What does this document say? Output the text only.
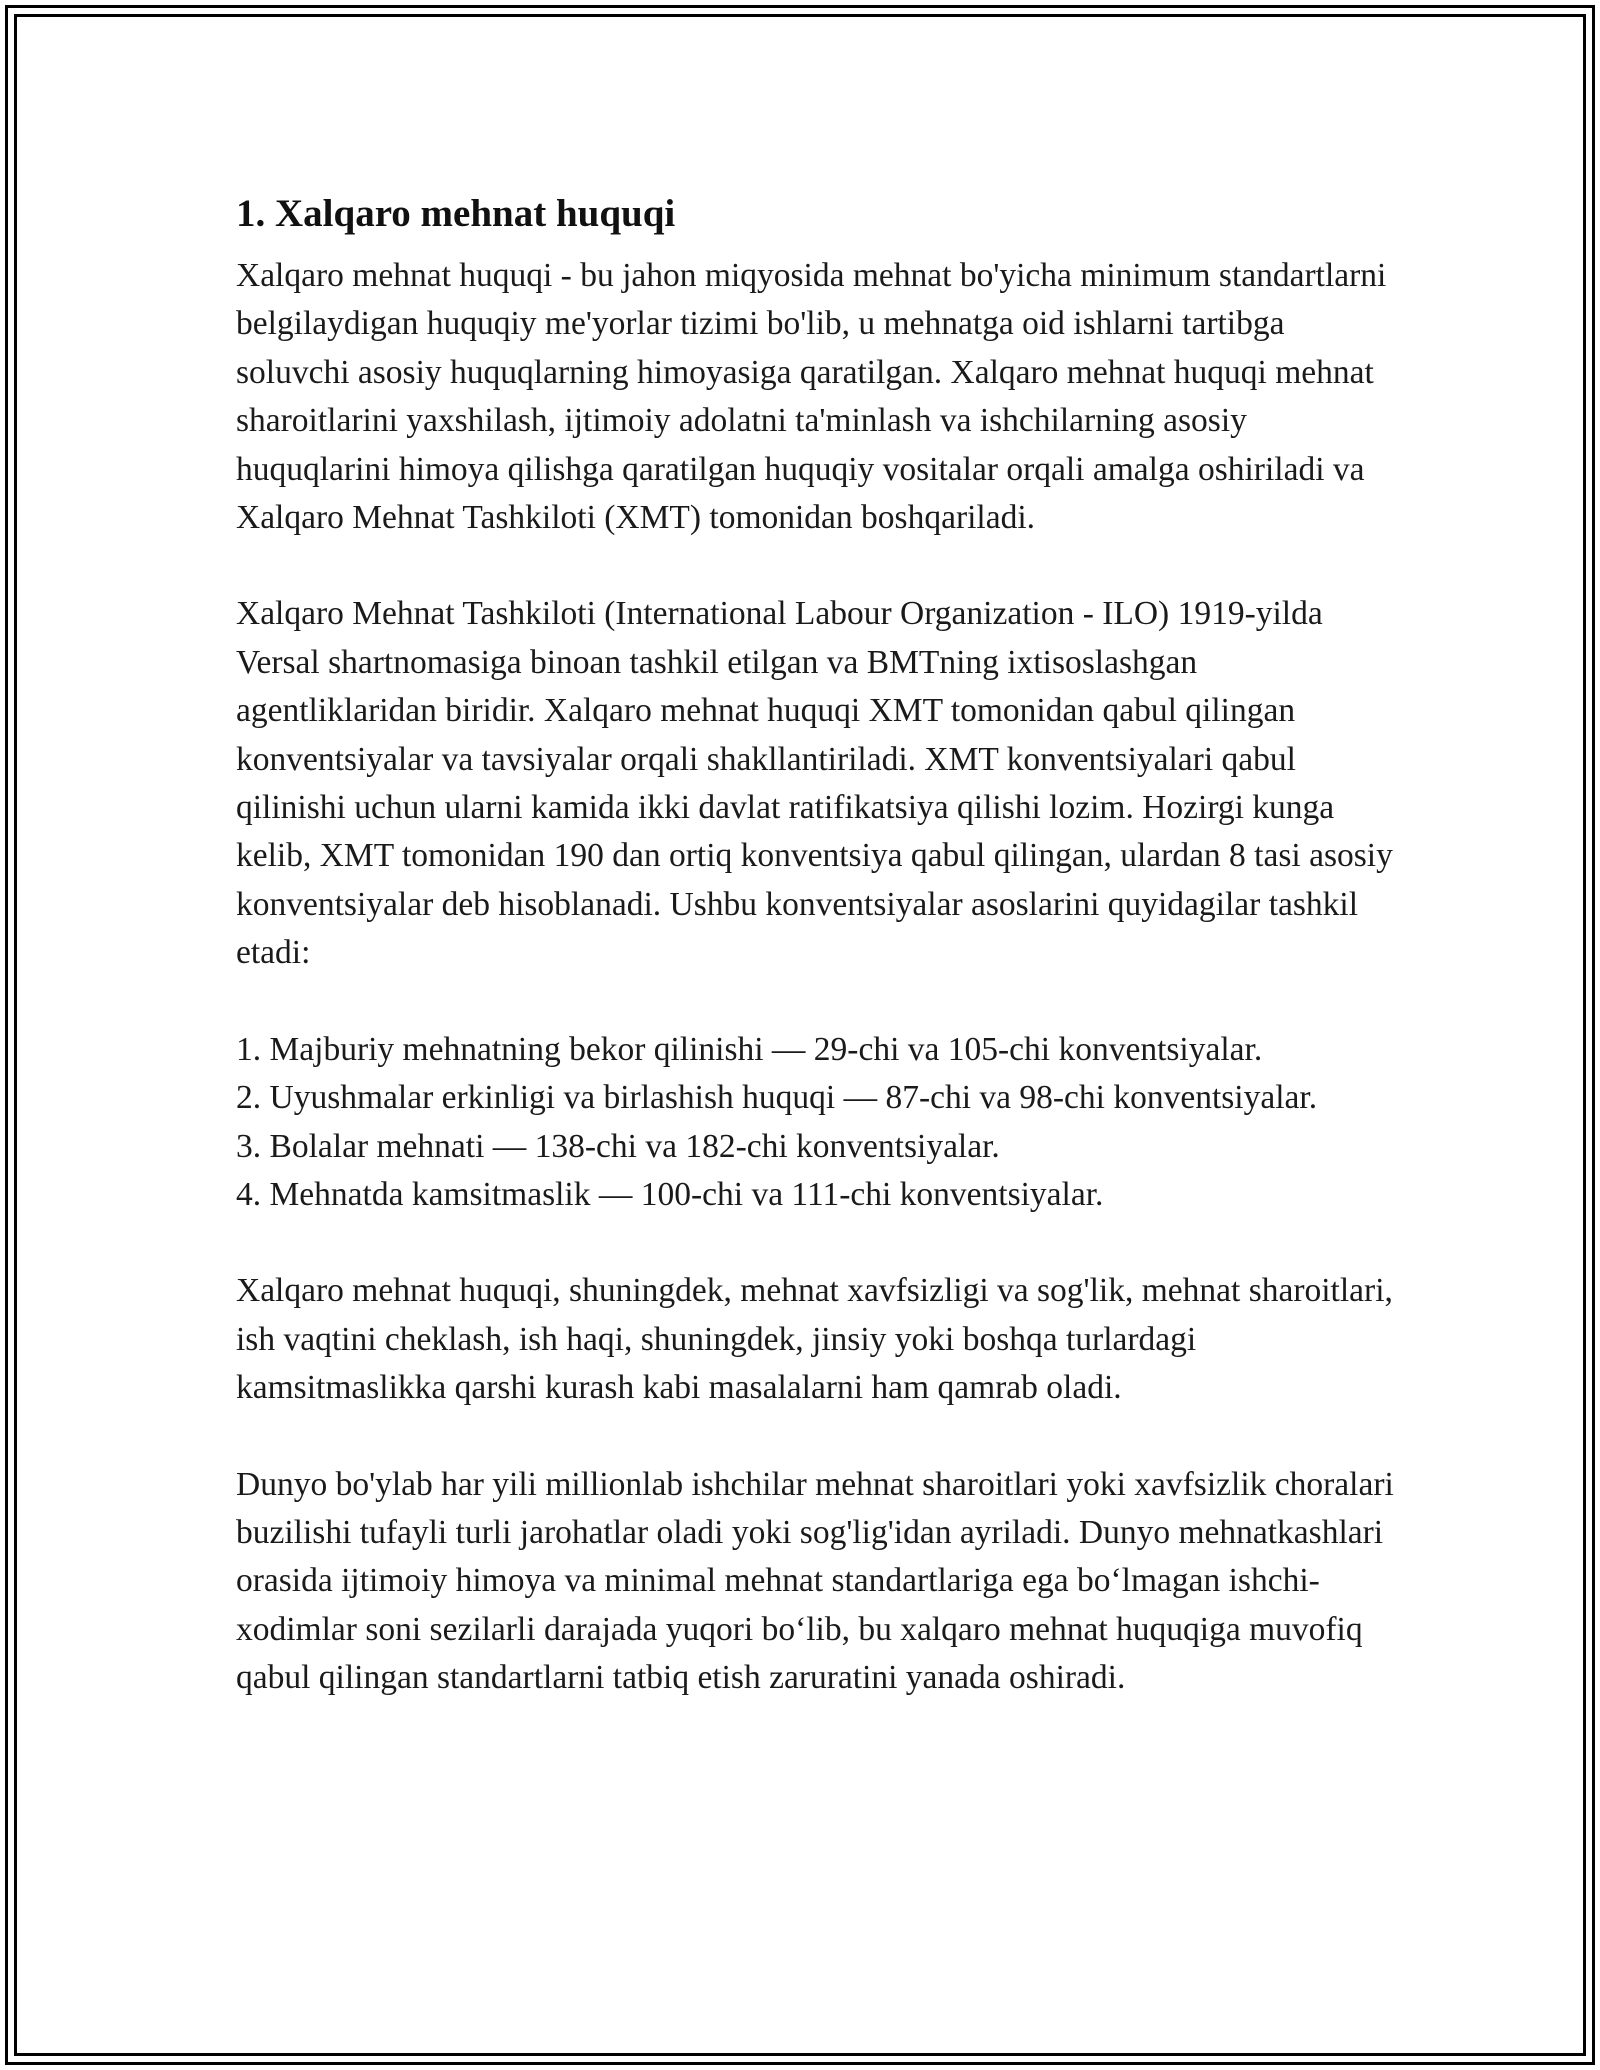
1. Xalqaro mehnat huquqi

Xalqaro mehnat huquqi - bu jahon miqyosida mehnat bo'yicha minimum standartlarni belgilaydigan huquqiy me'yorlar tizimi bo'lib, u mehnatga oid ishlarni tartibga soluvchi asosiy huquqlarning himoyasiga qaratilgan. Xalqaro mehnat huquqi mehnat sharoitlarini yaxshilash, ijtimoiy adolatni ta'minlash va ishchilarning asosiy huquqlarini himoya qilishga qaratilgan huquqiy vositalar orqali amalga oshiriladi va Xalqaro Mehnat Tashkiloti (XMT) tomonidan boshqariladi.

Xalqaro Mehnat Tashkiloti (International Labour Organization - ILO) 1919-yilda Versal shartnomasiga binoan tashkil etilgan va BMTning ixtisoslashgan agentliklaridan biridir. Xalqaro mehnat huquqi XMT tomonidan qabul qilingan konventsiyalar va tavsiyalar orqali shakllantiriladi. XMT konventsiyalari qabul qilinishi uchun ularni kamida ikki davlat ratifikatsiya qilishi lozim. Hozirgi kunga kelib, XMT tomonidan 190 dan ortiq konventsiya qabul qilingan, ulardan 8 tasi asosiy konventsiyalar deb hisoblanadi. Ushbu konventsiyalar asoslarini quyidagilar tashkil etadi:

1. Majburiy mehnatning bekor qilinishi — 29-chi va 105-chi konventsiyalar.
2. Uyushmalar erkinligi va birlashish huquqi — 87-chi va 98-chi konventsiyalar.
3. Bolalar mehnati — 138-chi va 182-chi konventsiyalar.
4. Mehnatda kamsitmaslik — 100-chi va 111-chi konventsiyalar.

Xalqaro mehnat huquqi, shuningdek, mehnat xavfsizligi va sog'lik, mehnat sharoitlari, ish vaqtini cheklash, ish haqi, shuningdek, jinsiy yoki boshqa turlardagi kamsitmaslikka qarshi kurash kabi masalalarni ham qamrab oladi.

Dunyo bo'ylab har yili millionlab ishchilar mehnat sharoitlari yoki xavfsizlik choralari buzilishi tufayli turli jarohatlar oladi yoki sog'lig'idan ayriladi. Dunyo mehnatkashlari orasida ijtimoiy himoya va minimal mehnat standartlariga ega boʻlmagan ishchi-xodimlar soni sezilarli darajada yuqori boʻlib, bu xalqaro mehnat huquqiga muvofiq qabul qilingan standartlarni tatbiq etish zaruratini yanada oshiradi.
